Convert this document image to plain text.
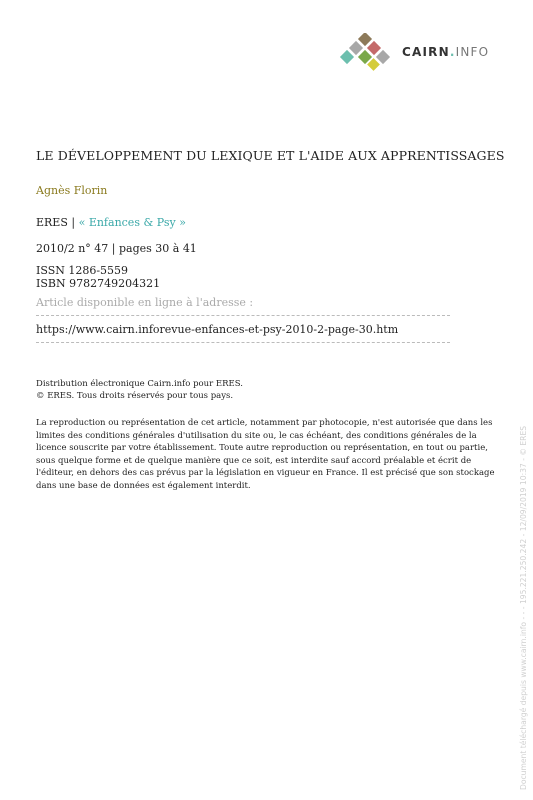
CAIRN.INFO
LE DÉVELOPPEMENT DU LEXIQUE ET L'AIDE AUX APPRENTISSAGES
Agnès Florin
ERES | « Enfances & Psy »
2010/2 n° 47 | pages 30 à 41
ISSN 1286-5559
ISBN 9782749204321
Article disponible en ligne à l'adresse :
https://www.cairn.inforevue-enfances-et-psy-2010-2-page-30.htm
Distribution électronique Cairn.info pour ERES.
© ERES. Tous droits réservés pour tous pays.

La reproduction ou représentation de cet article, notamment par photocopie, n'est autorisée que dans les limites des conditions générales d'utilisation du site ou, le cas échéant, des conditions générales de la licence souscrite par votre établissement. Toute autre reproduction ou représentation, en tout ou partie, sous quelque forme et de quelque manière que ce soit, est interdite sauf accord préalable et écrit de l'éditeur, en dehors des cas prévus par la législation en vigueur en France. Il est précisé que son stockage dans une base de données est également interdit.	Document téléchargé depuis www.cairn.info - - - 195.221.250.242 - 12/09/2019 10:37 - © ERES
